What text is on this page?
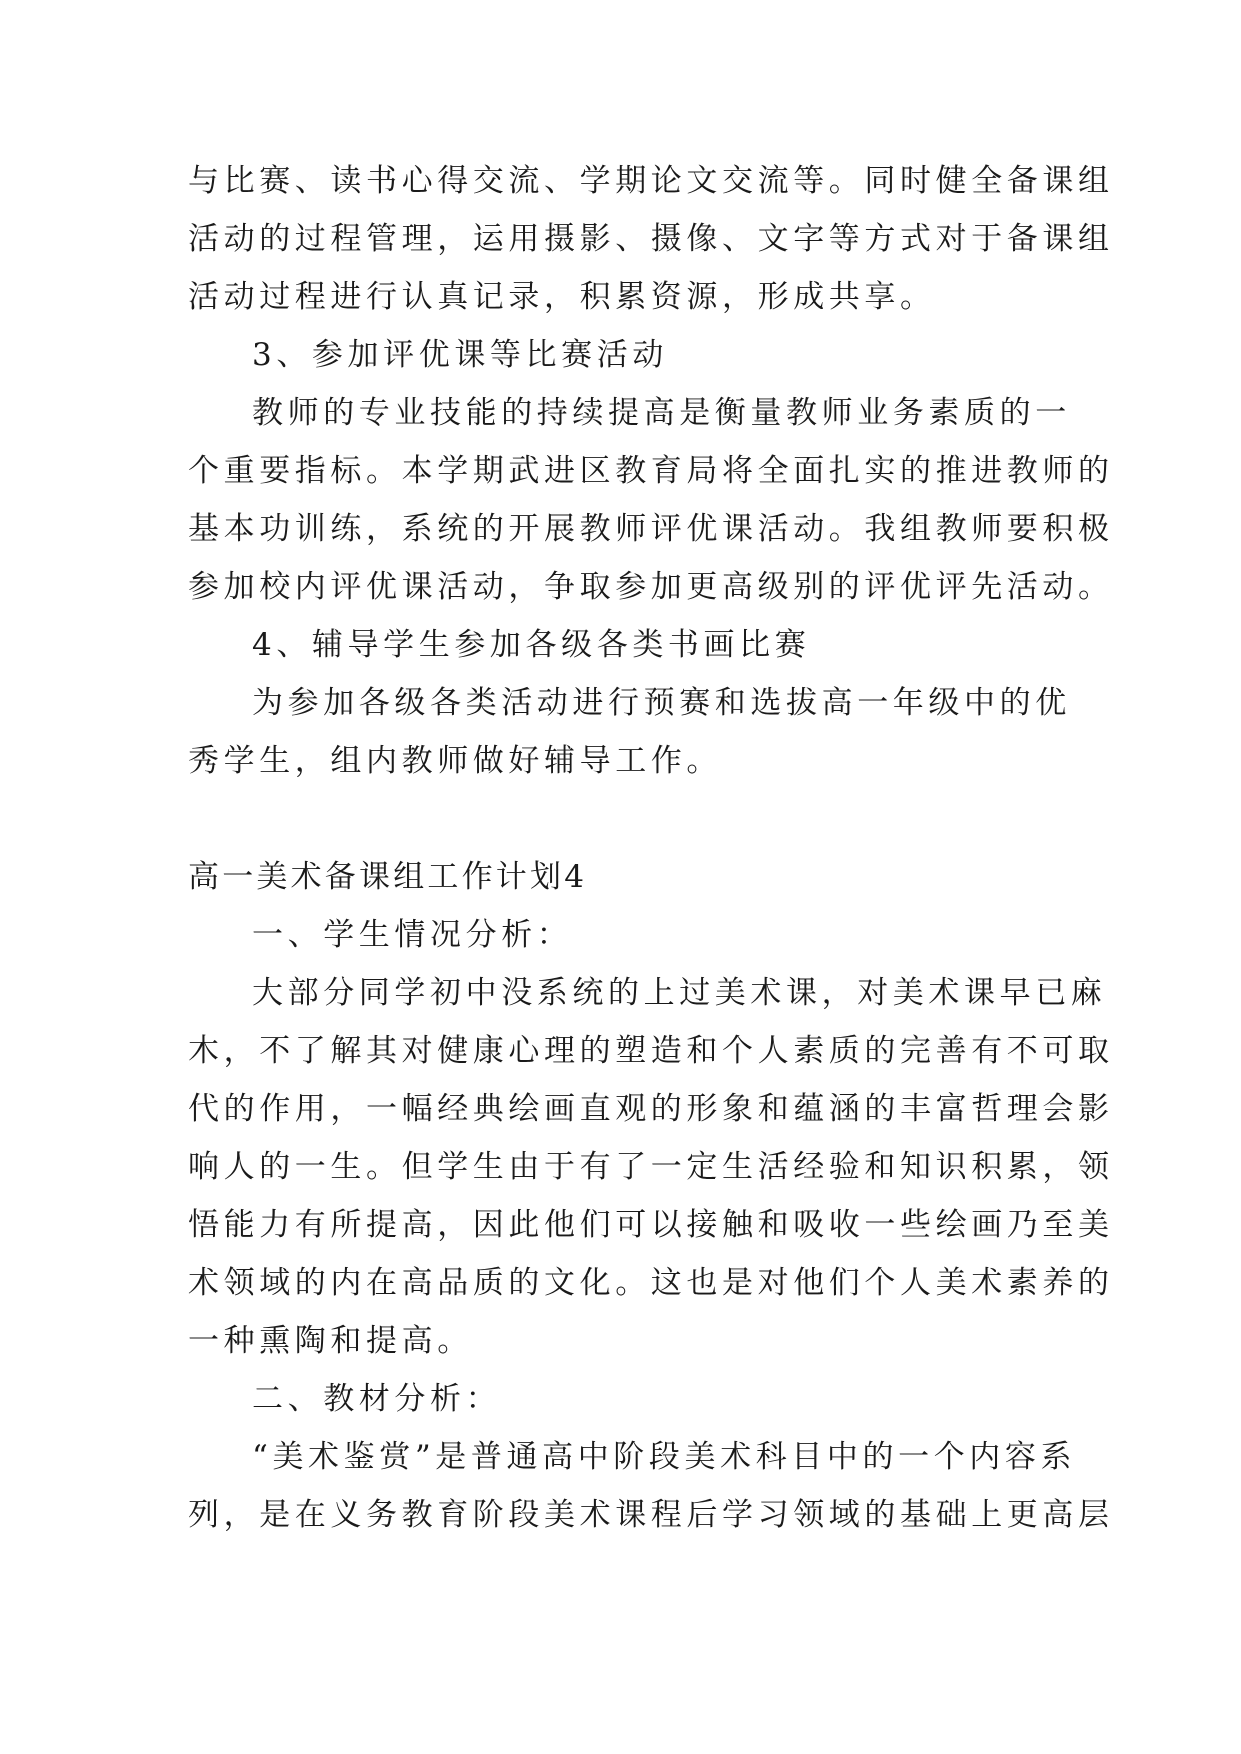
与比赛、读书心得交流、学期论文交流等。同时健全备课组
活动的过程管理，运用摄影、摄像、文字等方式对于备课组
活动过程进行认真记录，积累资源，形成共享。
3、参加评优课等比赛活动
教师的专业技能的持续提高是衡量教师业务素质的一
个重要指标。本学期武进区教育局将全面扎实的推进教师的
基本功训练，系统的开展教师评优课活动。我组教师要积极
参加校内评优课活动，争取参加更高级别的评优评先活动。
4、辅导学生参加各级各类书画比赛
为参加各级各类活动进行预赛和选拔高一年级中的优
秀学生，组内教师做好辅导工作。
高一美术备课组工作计划4
一、学生情况分析：
大部分同学初中没系统的上过美术课，对美术课早已麻
木，不了解其对健康心理的塑造和个人素质的完善有不可取
代的作用，一幅经典绘画直观的形象和蕴涵的丰富哲理会影
响人的一生。但学生由于有了一定生活经验和知识积累，领
悟能力有所提高，因此他们可以接触和吸收一些绘画乃至美
术领域的内在高品质的文化。这也是对他们个人美术素养的
一种熏陶和提高。
二、教材分析：
“美术鉴赏”是普通高中阶段美术科目中的一个内容系
列，是在义务教育阶段美术课程后学习领域的基础上更高层
